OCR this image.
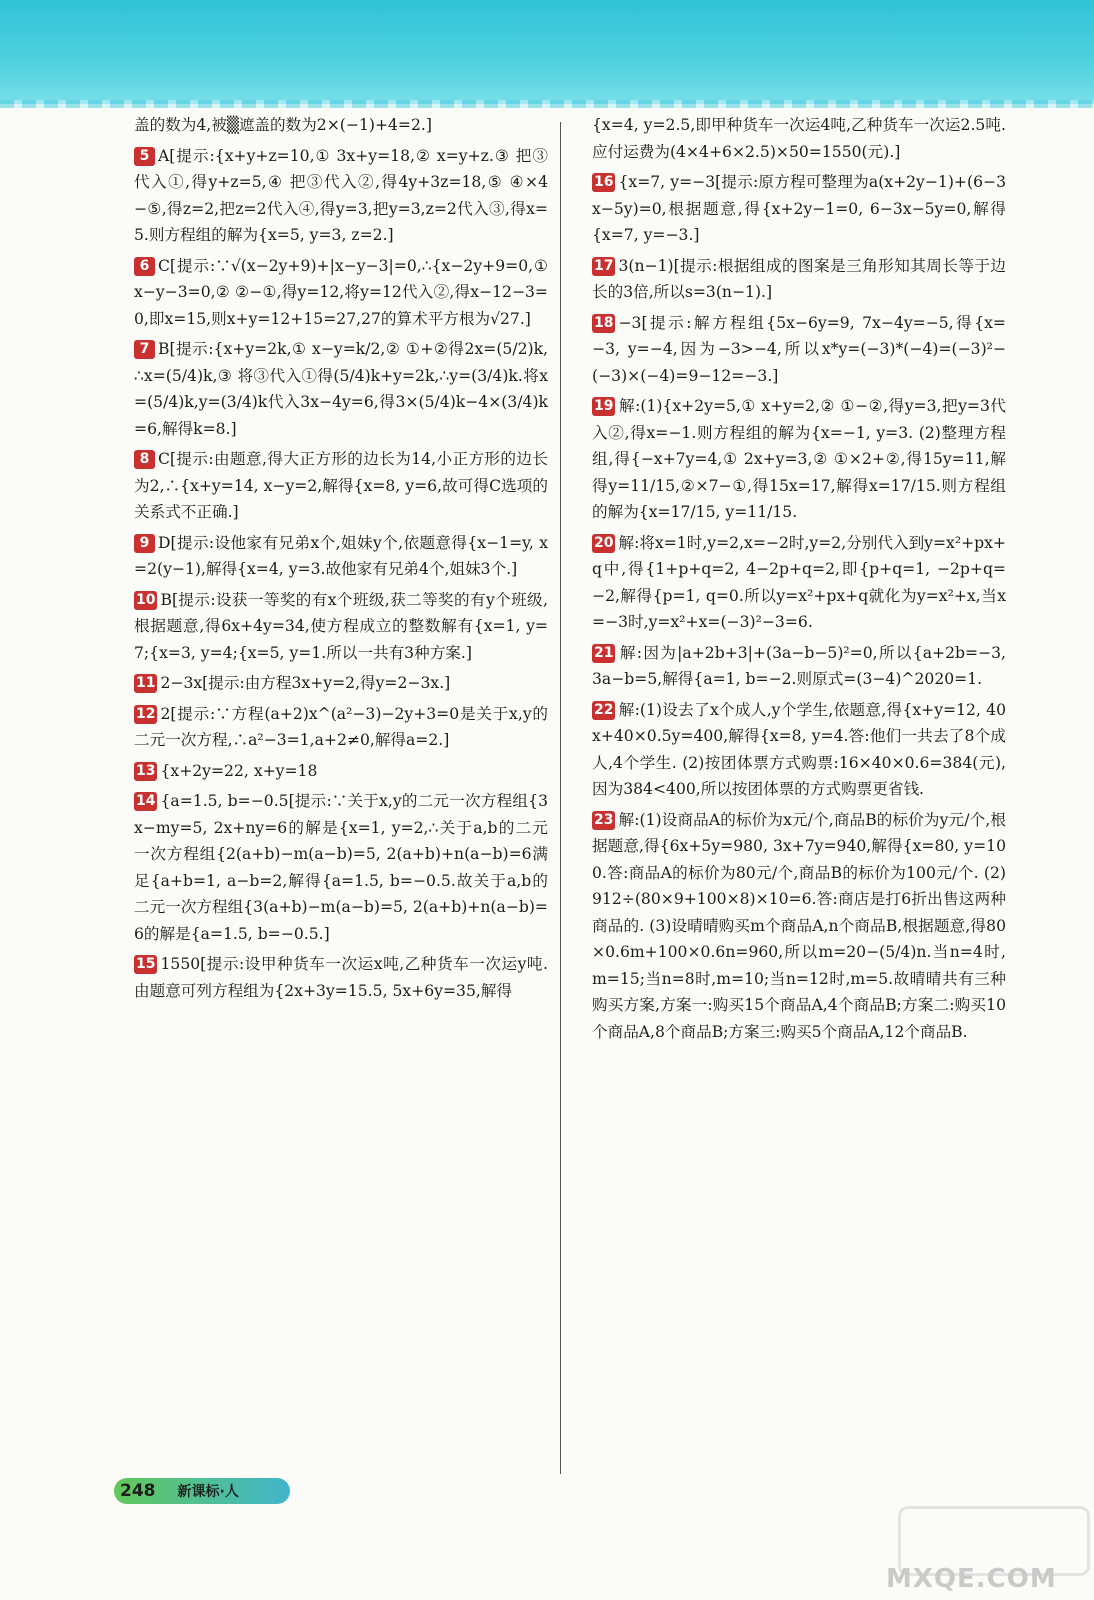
盖的数为4,被▒遮盖的数为2×(−1)+4=2.]

5 A[提示:{x+y+z=10,① 3x+y=18,② x=y+z.③ 把③代入①,得y+z=5,④ 把③代入②,得4y+3z=18,⑤ ④×4−⑤,得z=2,把z=2代入④,得y=3,把y=3,z=2代入③,得x=5.则方程组的解为{x=5, y=3, z=2.]

6 C[提示:∵√(x−2y+9)+|x−y−3|=0,∴{x−2y+9=0,① x−y−3=0,② ②−①,得y=12,将y=12代入②,得x−12−3=0,即x=15,则x+y=12+15=27,27的算术平方根为√27.]

7 B[提示:{x+y=2k,① x−y=k/2,② ①+②得2x=(5/2)k,∴x=(5/4)k,③ 将③代入①得(5/4)k+y=2k,∴y=(3/4)k.将x=(5/4)k,y=(3/4)k代入3x−4y=6,得3×(5/4)k−4×(3/4)k=6,解得k=8.]

8 C[提示:由题意,得大正方形的边长为14,小正方形的边长为2,∴{x+y=14, x−y=2,解得{x=8, y=6,故可得C选项的关系式不正确.]

9 D[提示:设他家有兄弟x个,姐妹y个,依题意得{x−1=y, x=2(y−1),解得{x=4, y=3.故他家有兄弟4个,姐妹3个.]

10 B[提示:设获一等奖的有x个班级,获二等奖的有y个班级,根据题意,得6x+4y=34,使方程成立的整数解有{x=1, y=7;{x=3, y=4;{x=5, y=1.所以一共有3种方案.]

11 2−3x[提示:由方程3x+y=2,得y=2−3x.]

12 2[提示:∵方程(a+2)x^(a²−3)−2y+3=0是关于x,y的二元一次方程,∴a²−3=1,a+2≠0,解得a=2.]

13 {x+2y=22, x+y=18

14 {a=1.5, b=−0.5[提示:∵关于x,y的二元一次方程组{3x−my=5, 2x+ny=6的解是{x=1, y=2,∴关于a,b的二元一次方程组{2(a+b)−m(a−b)=5, 2(a+b)+n(a−b)=6满足{a+b=1, a−b=2,解得{a=1.5, b=−0.5.故关于a,b的二元一次方程组{3(a+b)−m(a−b)=5, 2(a+b)+n(a−b)=6的解是{a=1.5, b=−0.5.]

15 1550[提示:设甲种货车一次运x吨,乙种货车一次运y吨.由题意可列方程组为{2x+3y=15.5, 5x+6y=35,解得

{x=4, y=2.5,即甲种货车一次运4吨,乙种货车一次运2.5吨.应付运费为(4×4+6×2.5)×50=1550(元).]

16 {x=7, y=−3[提示:原方程可整理为a(x+2y−1)+(6−3x−5y)=0,根据题意,得{x+2y−1=0, 6−3x−5y=0,解得{x=7, y=−3.]

17 3(n−1)[提示:根据组成的图案是三角形知其周长等于边长的3倍,所以s=3(n−1).]

18 −3[提示:解方程组{5x−6y=9, 7x−4y=−5,得{x=−3, y=−4,因为−3>−4,所以x*y=(−3)*(−4)=(−3)²−(−3)×(−4)=9−12=−3.]

19 解:(1){x+2y=5,① x+y=2,② ①−②,得y=3,把y=3代入②,得x=−1.则方程组的解为{x=−1, y=3. (2)整理方程组,得{−x+7y=4,① 2x+y=3,② ①×2+②,得15y=11,解得y=11/15,②×7−①,得15x=17,解得x=17/15.则方程组的解为{x=17/15, y=11/15.

20 解:将x=1时,y=2,x=−2时,y=2,分别代入到y=x²+px+q中,得{1+p+q=2, 4−2p+q=2,即{p+q=1, −2p+q=−2,解得{p=1, q=0.所以y=x²+px+q就化为y=x²+x,当x=−3时,y=x²+x=(−3)²−3=6.

21 解:因为|a+2b+3|+(3a−b−5)²=0,所以{a+2b=−3, 3a−b=5,解得{a=1, b=−2.则原式=(3−4)^2020=1.

22 解:(1)设去了x个成人,y个学生,依题意,得{x+y=12, 40x+40×0.5y=400,解得{x=8, y=4.答:他们一共去了8个成人,4个学生. (2)按团体票方式购票:16×40×0.6=384(元),因为384<400,所以按团体票的方式购票更省钱.

23 解:(1)设商品A的标价为x元/个,商品B的标价为y元/个,根据题意,得{6x+5y=980, 3x+7y=940,解得{x=80, y=100.答:商品A的标价为80元/个,商品B的标价为100元/个. (2)912÷(80×9+100×8)×10=6.答:商店是打6折出售这两种商品的. (3)设晴晴购买m个商品A,n个商品B,根据题意,得80×0.6m+100×0.6n=960,所以m=20−(5/4)n.当n=4时,m=15;当n=8时,m=10;当n=12时,m=5.故晴晴共有三种购买方案,方案一:购买15个商品A,4个商品B;方案二:购买10个商品A,8个商品B;方案三:购买5个商品A,12个商品B.

248 新课标·人
MXQE.COM
